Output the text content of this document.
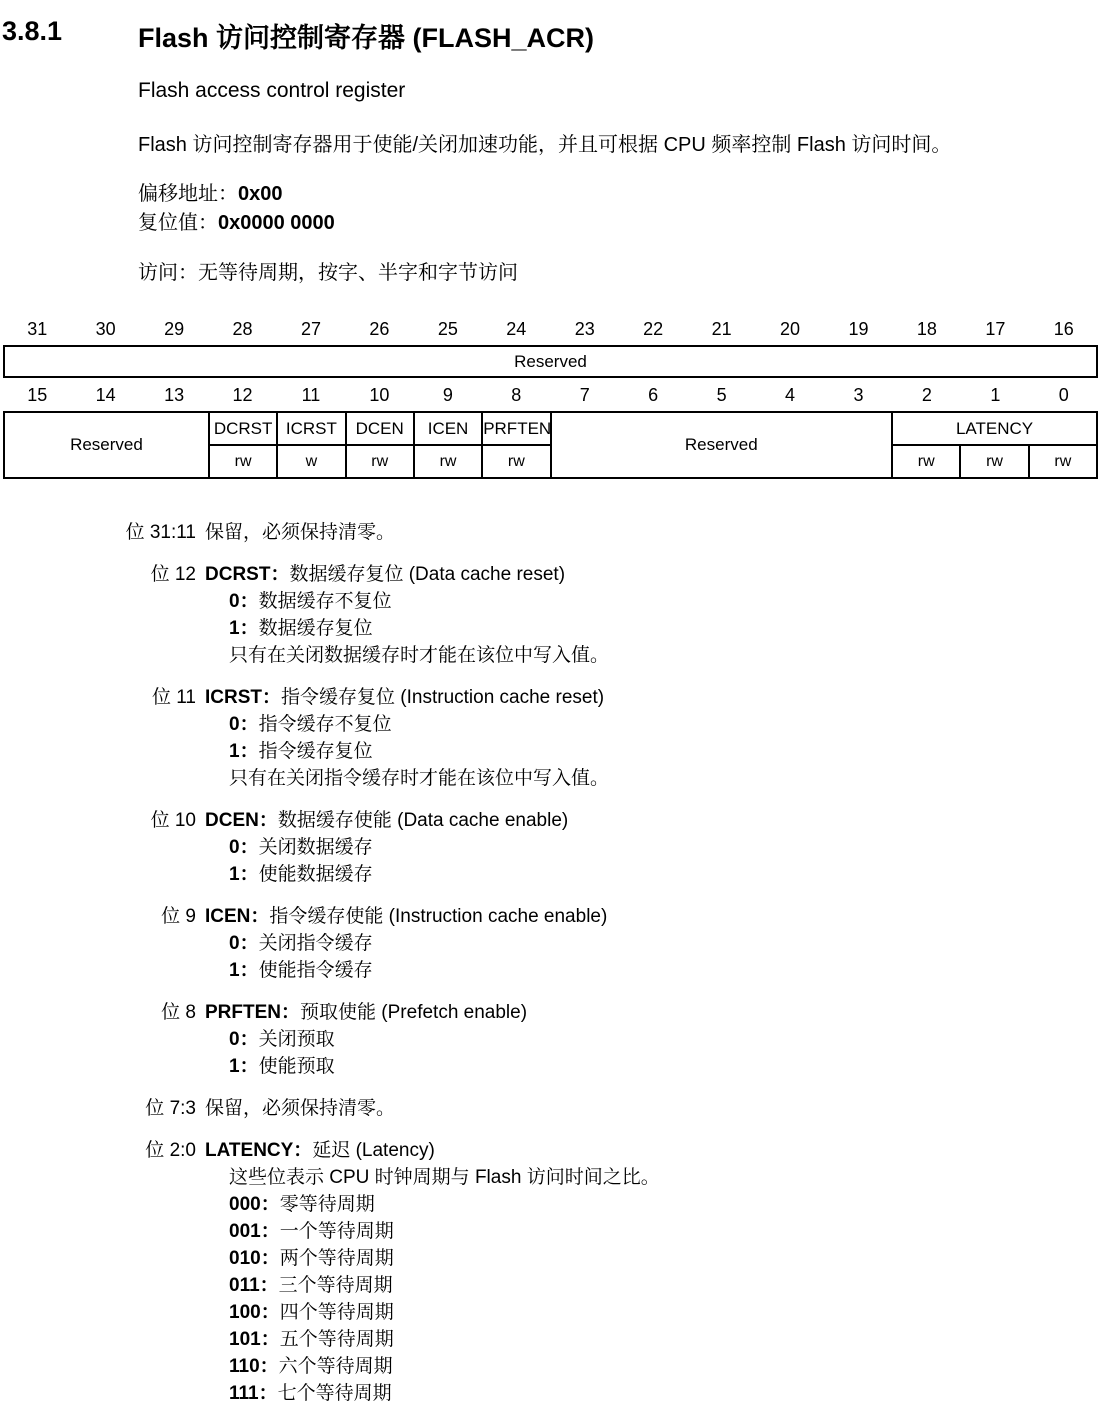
3.8.1	Flash 访问控制寄存器 (FLASH_ACR)
Flash access control register
Flash 访问控制寄存器用于使能/关闭加速功能，并且可根据 CPU 频率控制 Flash 访问时间。
偏移地址：0x00
复位值：0x0000 0000
访问：无等待周期，按字、半字和字节访问
31	30	29	28	27	26	25	24	23	22	21	20	19	18	17	16
Reserved
15	14	13	12	11	10	9	8	7	6	5	4	3	2	1	0
Reserved	DCRST	ICRST	DCEN	ICEN	PRFTEN	Reserved	LATENCY		
	rw	w	rw	rw	rw		rw	rw	rw
位 31:11 保留，必须保持清零。
位 12 DCRST：数据缓存复位 (Data cache reset)
0：数据缓存不复位
1：数据缓存复位
只有在关闭数据缓存时才能在该位中写入值。
位 11 ICRST：指令缓存复位 (Instruction cache reset)
0：指令缓存不复位
1：指令缓存复位
只有在关闭指令缓存时才能在该位中写入值。
位 10 DCEN：数据缓存使能 (Data cache enable)
0：关闭数据缓存
1：使能数据缓存
位 9 ICEN：指令缓存使能 (Instruction cache enable)
0：关闭指令缓存
1：使能指令缓存
位 8 PRFTEN：预取使能 (Prefetch enable)
0：关闭预取
1：使能预取
位 7:3 保留，必须保持清零。
位 2:0 LATENCY：延迟 (Latency)
这些位表示 CPU 时钟周期与 Flash 访问时间之比。
000：零等待周期
001：一个等待周期
010：两个等待周期
011：三个等待周期
100：四个等待周期
101：五个等待周期
110：六个等待周期
111：七个等待周期
